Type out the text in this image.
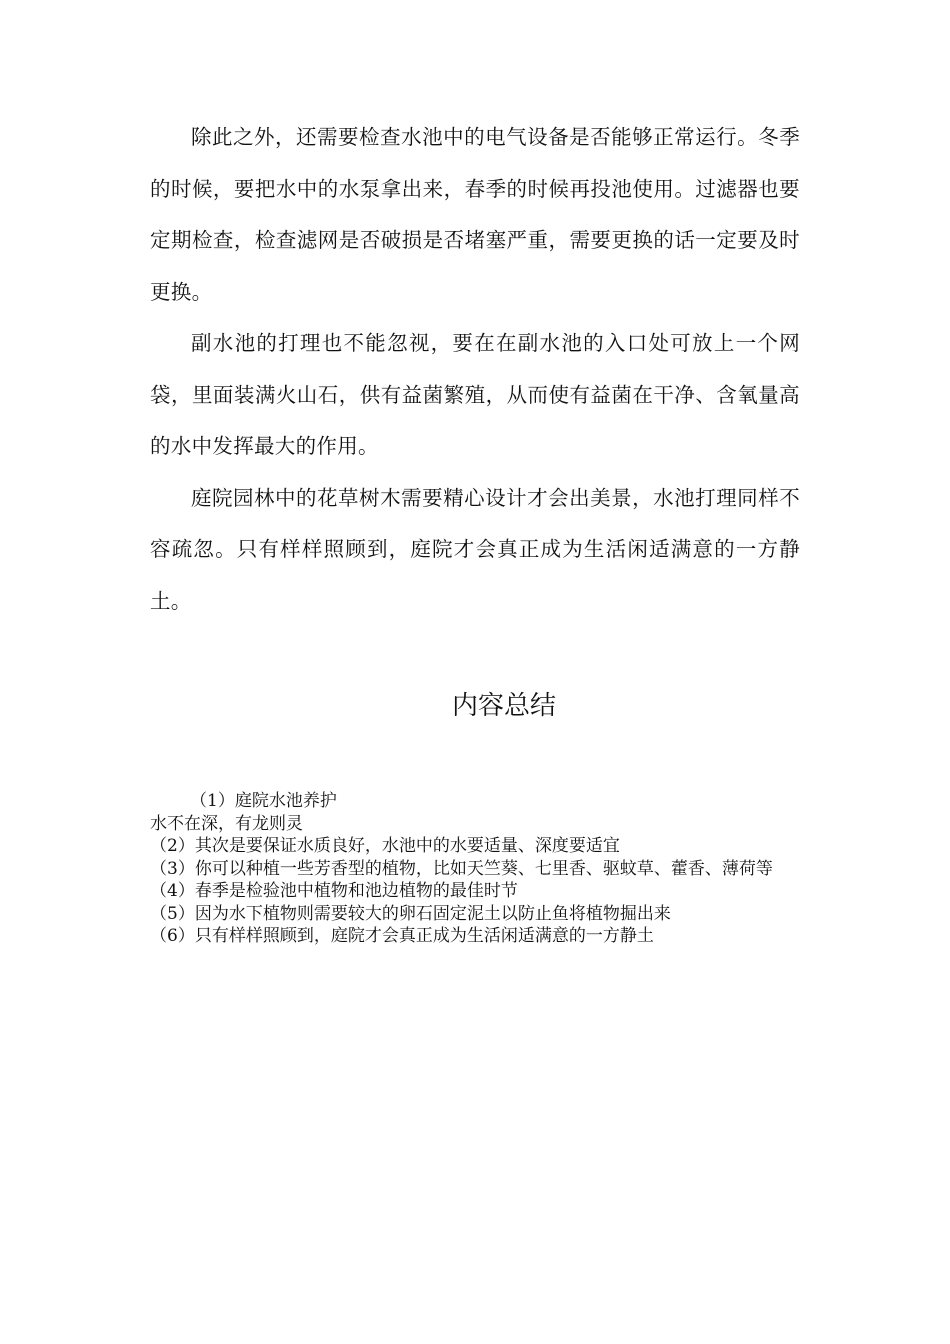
除此之外，还需要检查水池中的电气设备是否能够正常运行。冬季的时候，要把水中的水泵拿出来，春季的时候再投池使用。过滤器也要定期检查，检查滤网是否破损是否堵塞严重，需要更换的话一定要及时更换。

副水池的打理也不能忽视，要在在副水池的入口处可放上一个网袋，里面装满火山石，供有益菌繁殖，从而使有益菌在干净、含氧量高的水中发挥最大的作用。

庭院园林中的花草树木需要精心设计才会出美景，水池打理同样不容疏忽。只有样样照顾到，庭院才会真正成为生活闲适满意的一方静土。

内容总结

（1）庭院水池养护

水不在深，有龙则灵

（2）其次是要保证水质良好，水池中的水要适量、深度要适宜

（3）你可以种植一些芳香型的植物，比如天竺葵、七里香、驱蚊草、藿香、薄荷等

（4）春季是检验池中植物和池边植物的最佳时节

（5）因为水下植物则需要较大的卵石固定泥土以防止鱼将植物掘出来

（6）只有样样照顾到，庭院才会真正成为生活闲适满意的一方静土
